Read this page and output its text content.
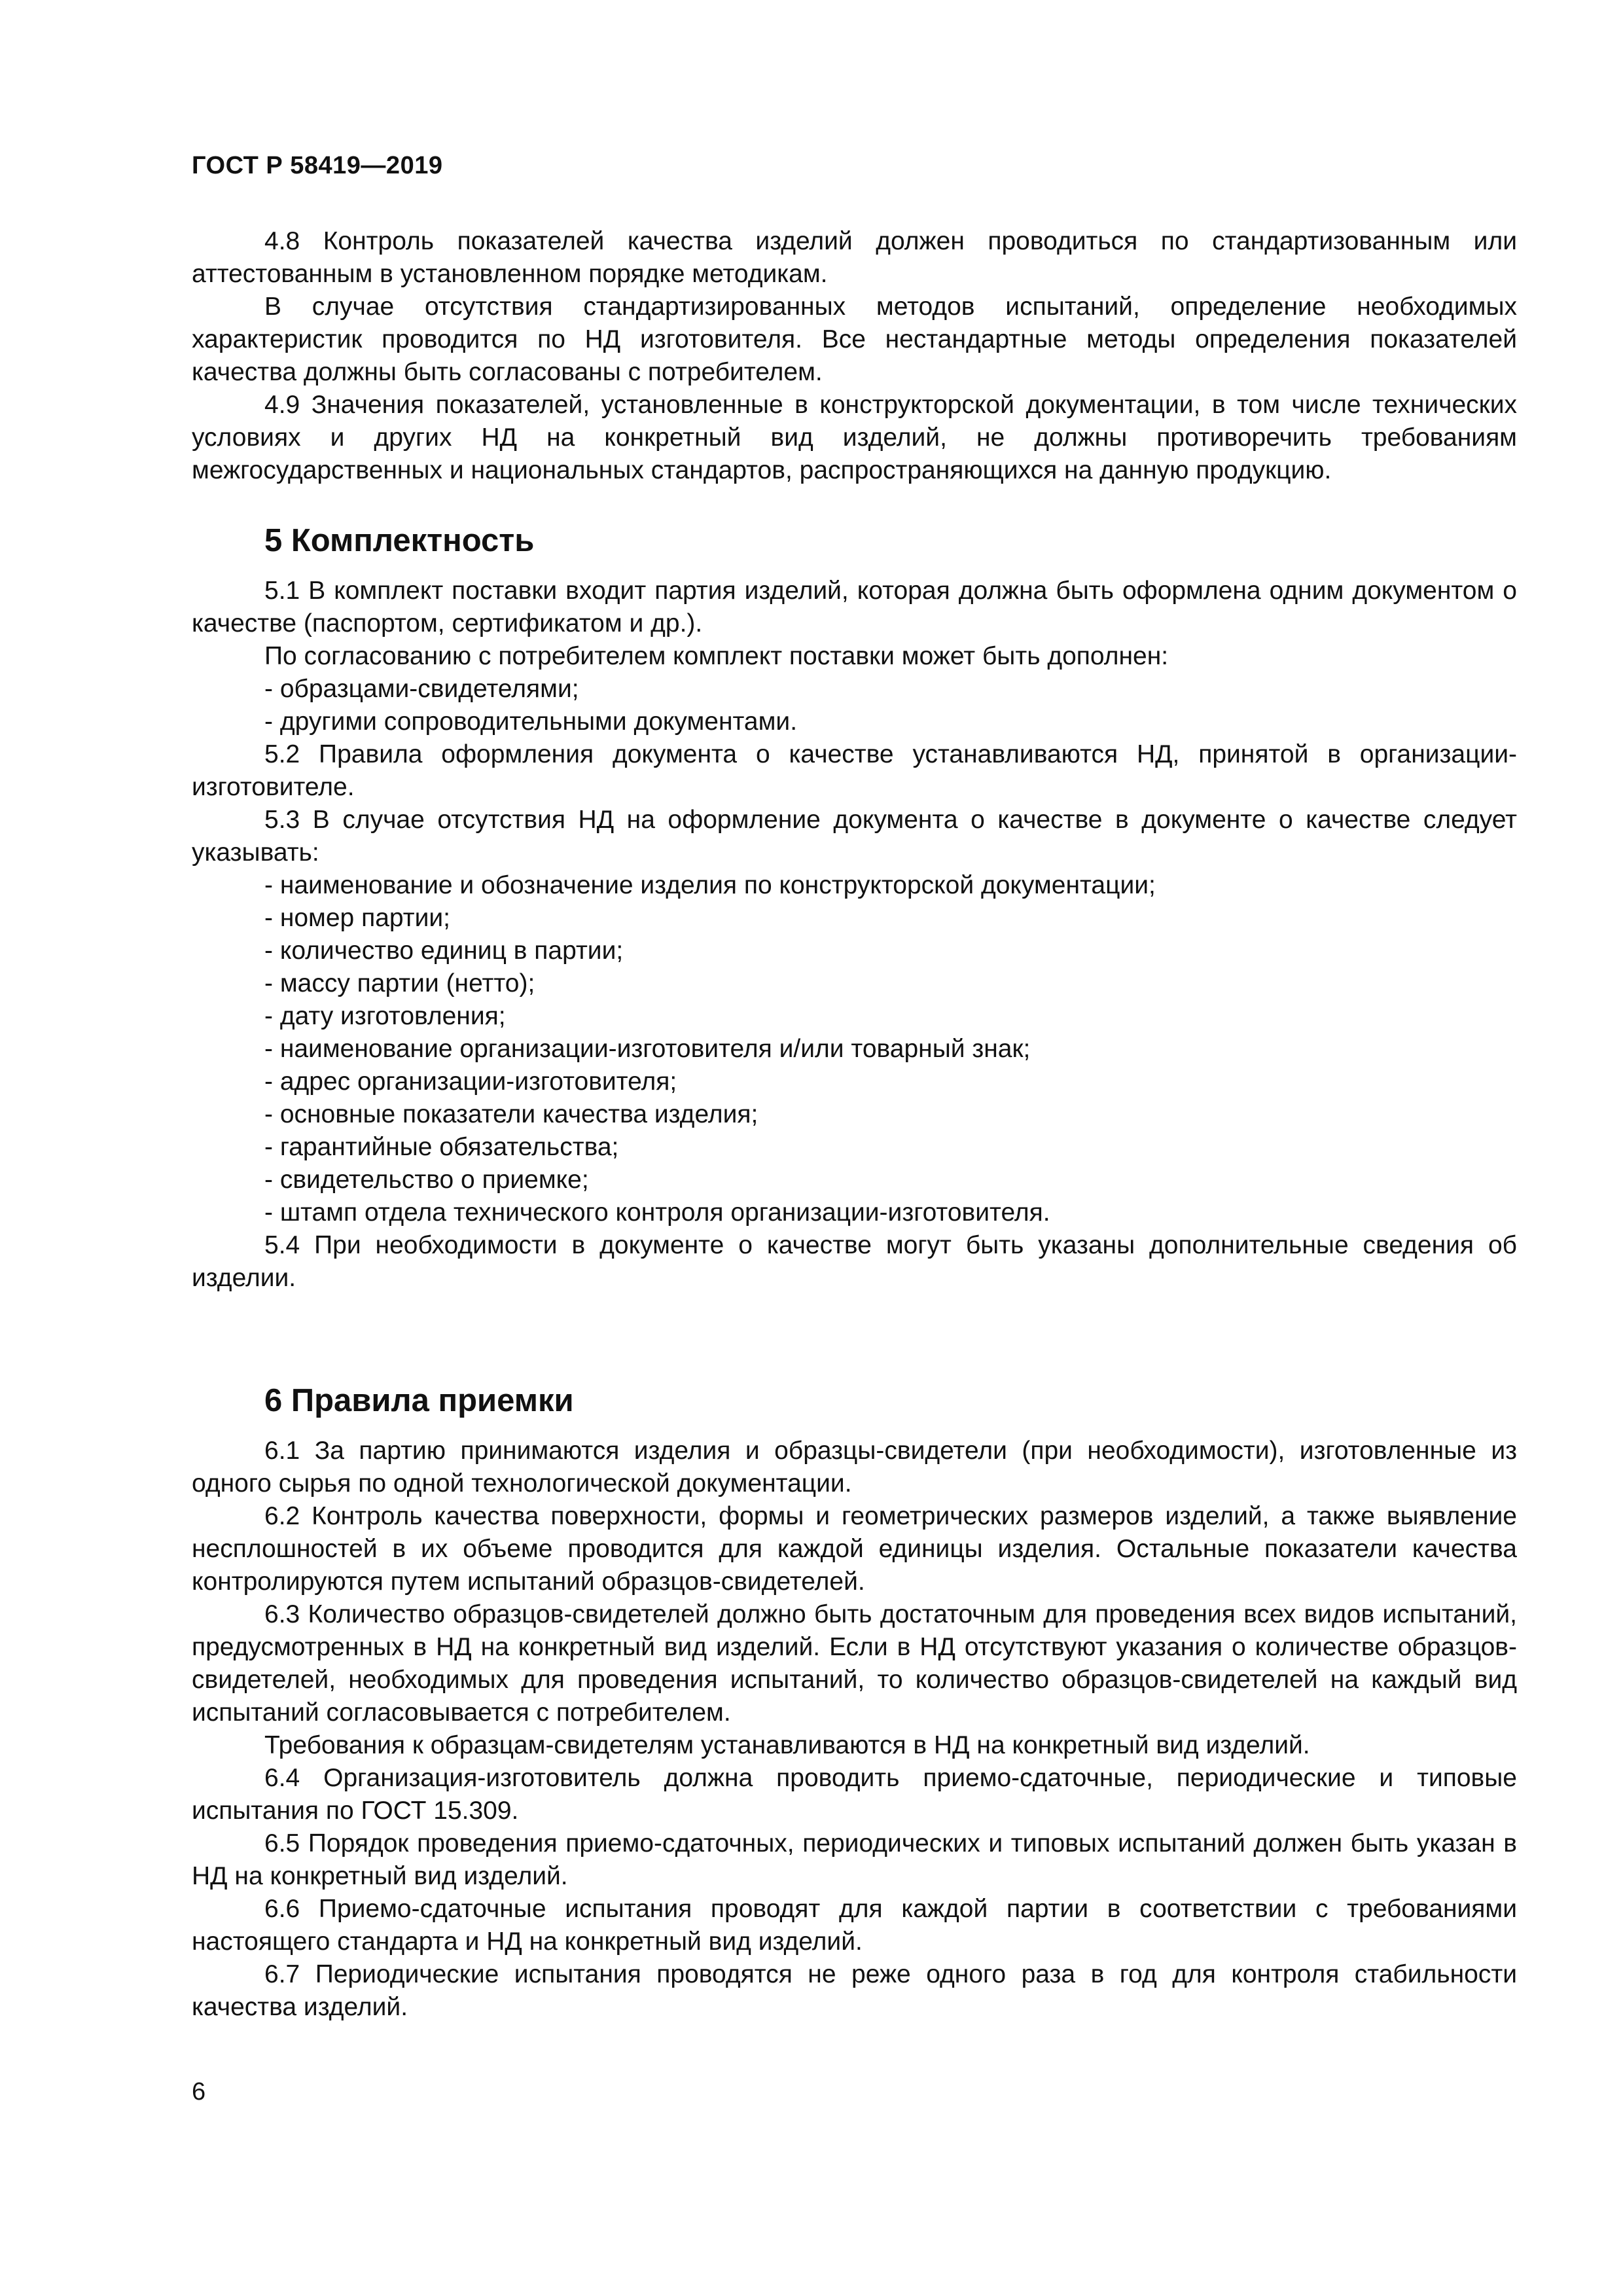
ГОСТ Р 58419—2019

4.8 Контроль показателей качества изделий должен проводиться по стандартизованным или аттестованным в установленном порядке методикам.

В случае отсутствия стандартизированных методов испытаний, определение необходимых характеристик проводится по НД изготовителя. Все нестандартные методы определения показателей качества должны быть согласованы с потребителем.

4.9 Значения показателей, установленные в конструкторской документации, в том числе технических условиях и других НД на конкретный вид изделий, не должны противоречить требованиям межгосударственных и национальных стандартов, распространяющихся на данную продукцию.

5 Комплектность

5.1 В комплект поставки входит партия изделий, которая должна быть оформлена одним документом о качестве (паспортом, сертификатом и др.).

По согласованию с потребителем комплект поставки может быть дополнен:

- образцами-свидетелями;

- другими сопроводительными документами.

5.2 Правила оформления документа о качестве устанавливаются НД, принятой в организации-изготовителе.

5.3 В случае отсутствия НД на оформление документа о качестве в документе о качестве следует указывать:

- наименование и обозначение изделия по конструкторской документации;

- номер партии;

- количество единиц в партии;

- массу партии (нетто);

- дату изготовления;

- наименование организации-изготовителя и/или товарный знак;

- адрес организации-изготовителя;

- основные показатели качества изделия;

- гарантийные обязательства;

- свидетельство о приемке;

- штамп отдела технического контроля организации-изготовителя.

5.4 При необходимости в документе о качестве могут быть указаны дополнительные сведения об изделии.

6 Правила приемки

6.1 За партию принимаются изделия и образцы-свидетели (при необходимости), изготовленные из одного сырья по одной технологической документации.

6.2 Контроль качества поверхности, формы и геометрических размеров изделий, а также выявление несплошностей в их объеме проводится для каждой единицы изделия. Остальные показатели качества контролируются путем испытаний образцов-свидетелей.

6.3 Количество образцов-свидетелей должно быть достаточным для проведения всех видов испытаний, предусмотренных в НД на конкретный вид изделий. Если в НД отсутствуют указания о количестве образцов-свидетелей, необходимых для проведения испытаний, то количество образцов-свидетелей на каждый вид испытаний согласовывается с потребителем.

Требования к образцам-свидетелям устанавливаются в НД на конкретный вид изделий.

6.4 Организация-изготовитель должна проводить приемо-сдаточные, периодические и типовые испытания по ГОСТ 15.309.

6.5 Порядок проведения приемо-сдаточных, периодических и типовых испытаний должен быть указан в НД на конкретный вид изделий.

6.6 Приемо-сдаточные испытания проводят для каждой партии в соответствии с требованиями настоящего стандарта и НД на конкретный вид изделий.

6.7 Периодические испытания проводятся не реже одного раза в год для контроля стабильности качества изделий.

6
